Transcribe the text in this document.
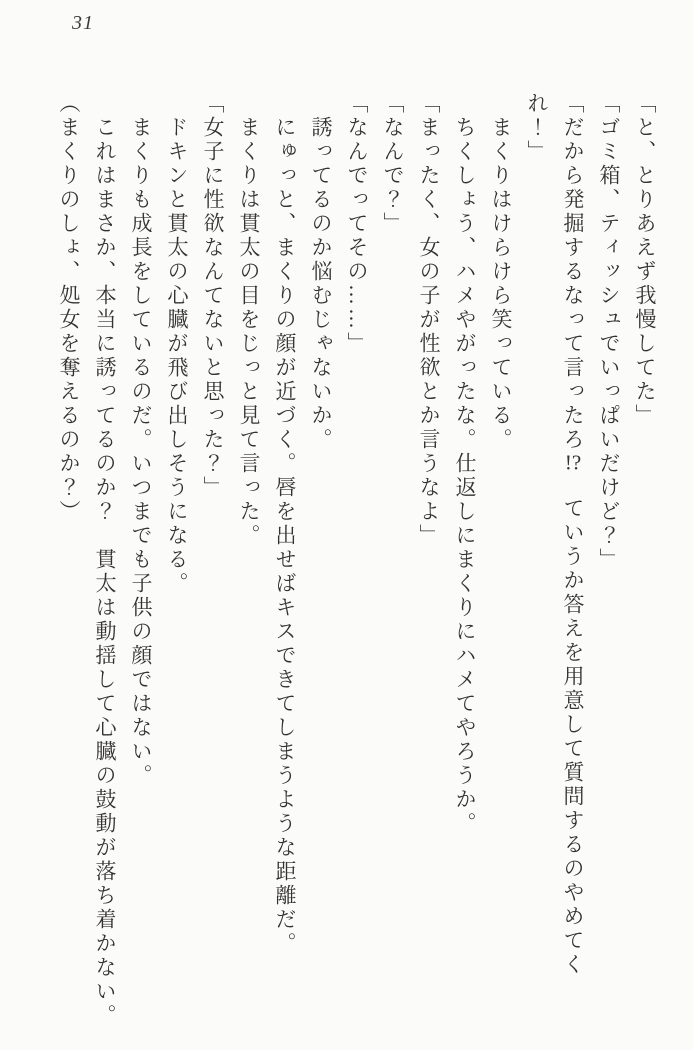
31

「と、とりあえず我慢してた」

「ゴミ箱、ティッシュでいっぱいだけど？」

「だから発掘するなって言ったろ!?　ていうか答えを用意して質問するのやめてく

れ！」

　まくりはけらけら笑っている。

　ちくしょう、ハメやがったな。仕返しにまくりにハメてやろうか。

「まったく、女の子が性欲とか言うなよ」

「なんで？」

「なんでってその……」

　誘ってるのか悩むじゃないか。

　にゅっと、まくりの顔が近づく。唇を出せばキスできてしまうような距離だ。

　まくりは貫太の目をじっと見て言った。

「女子に性欲なんてないと思った？」

　ドキンと貫太の心臓が飛び出しそうになる。

　まくりも成長をしているのだ。いつまでも子供の顔ではない。

　これはまさか、本当に誘ってるのか？　貫太は動揺して心臓の鼓動が落ち着かない。

（まくりのしょ、処女を奪えるのか？）
